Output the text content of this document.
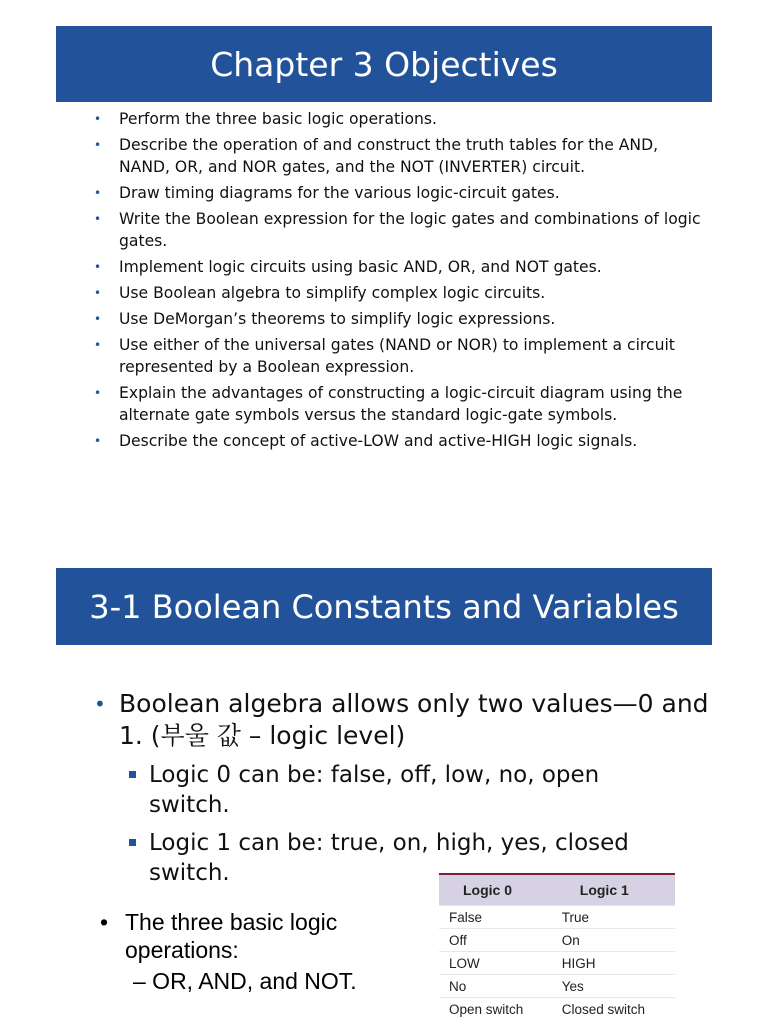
Chapter 3 Objectives
• Perform the three basic logic operations.
• Describe the operation of and construct the truth tables for the AND, NAND, OR, and NOR gates, and the NOT (INVERTER) circuit.
• Draw timing diagrams for the various logic-circuit gates.
• Write the Boolean expression for the logic gates and combinations of logic gates.
• Implement logic circuits using basic AND, OR, and NOT gates.
• Use Boolean algebra to simplify complex logic circuits.
• Use DeMorgan’s theorems to simplify logic expressions.
• Use either of the universal gates (NAND or NOR) to implement a circuit represented by a Boolean expression.
• Explain the advantages of constructing a logic-circuit diagram using the alternate gate symbols versus the standard logic-gate symbols.
• Describe the concept of active-LOW and active-HIGH logic signals.
3-1 Boolean Constants and Variables
• Boolean algebra allows only two values—0 and 1. (부울 값 – logic level)
Logic 0 can be: false, off, low, no, open switch.
Logic 1 can be: true, on, high, yes, closed switch.
• The three basic logic operations:
– OR, AND, and NOT.
Logic 0	Logic 1
False	True
Off	On
LOW	HIGH
No	Yes
Open switch	Closed switch
